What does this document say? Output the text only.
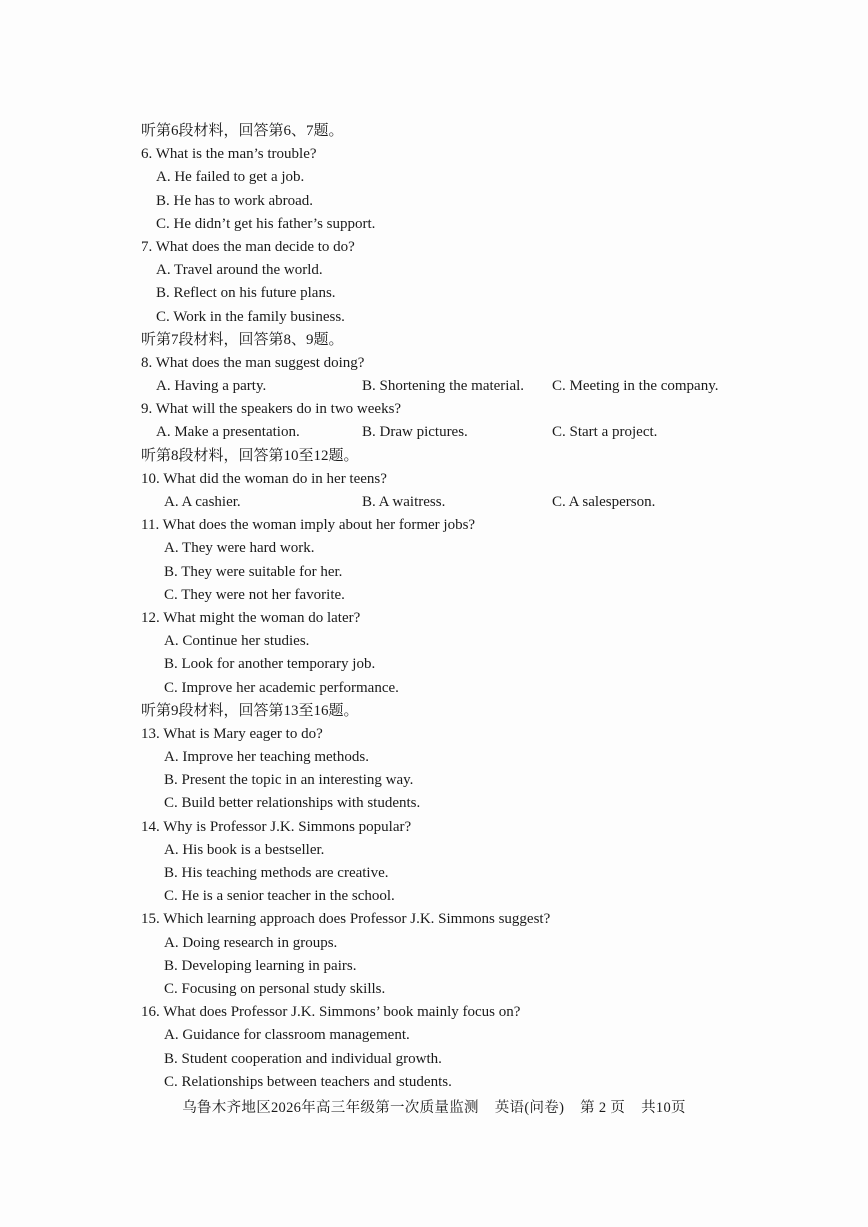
听第6段材料，回答第6、7题。
6. What is the man’s trouble?
A. He failed to get a job.
B. He has to work abroad.
C. He didn’t get his father’s support.
7. What does the man decide to do?
A. Travel around the world.
B. Reflect on his future plans.
C. Work in the family business.
听第7段材料，回答第8、9题。
8. What does the man suggest doing?
A. Having a party.	B. Shortening the material.	C. Meeting in the company.
9. What will the speakers do in two weeks?
A. Make a presentation.	B. Draw pictures.	C. Start a project.
听第8段材料，回答第10至12题。
10. What did the woman do in her teens?
A. A cashier.	B. A waitress.	C. A salesperson.
11. What does the woman imply about her former jobs?
A. They were hard work.
B. They were suitable for her.
C. They were not her favorite.
12. What might the woman do later?
A. Continue her studies.
B. Look for another temporary job.
C. Improve her academic performance.
听第9段材料，回答第13至16题。
13. What is Mary eager to do?
A. Improve her teaching methods.
B. Present the topic in an interesting way.
C. Build better relationships with students.
14. Why is Professor J.K. Simmons popular?
A. His book is a bestseller.
B. His teaching methods are creative.
C. He is a senior teacher in the school.
15. Which learning approach does Professor J.K. Simmons suggest?
A. Doing research in groups.
B. Developing learning in pairs.
C. Focusing on personal study skills.
16. What does Professor J.K. Simmons’ book mainly focus on?
A. Guidance for classroom management.
B. Student cooperation and individual growth.
C. Relationships between teachers and students.
乌鲁木齐地区2026年高三年级第一次质量监测 英语(问卷) 第 2 页 共10页
